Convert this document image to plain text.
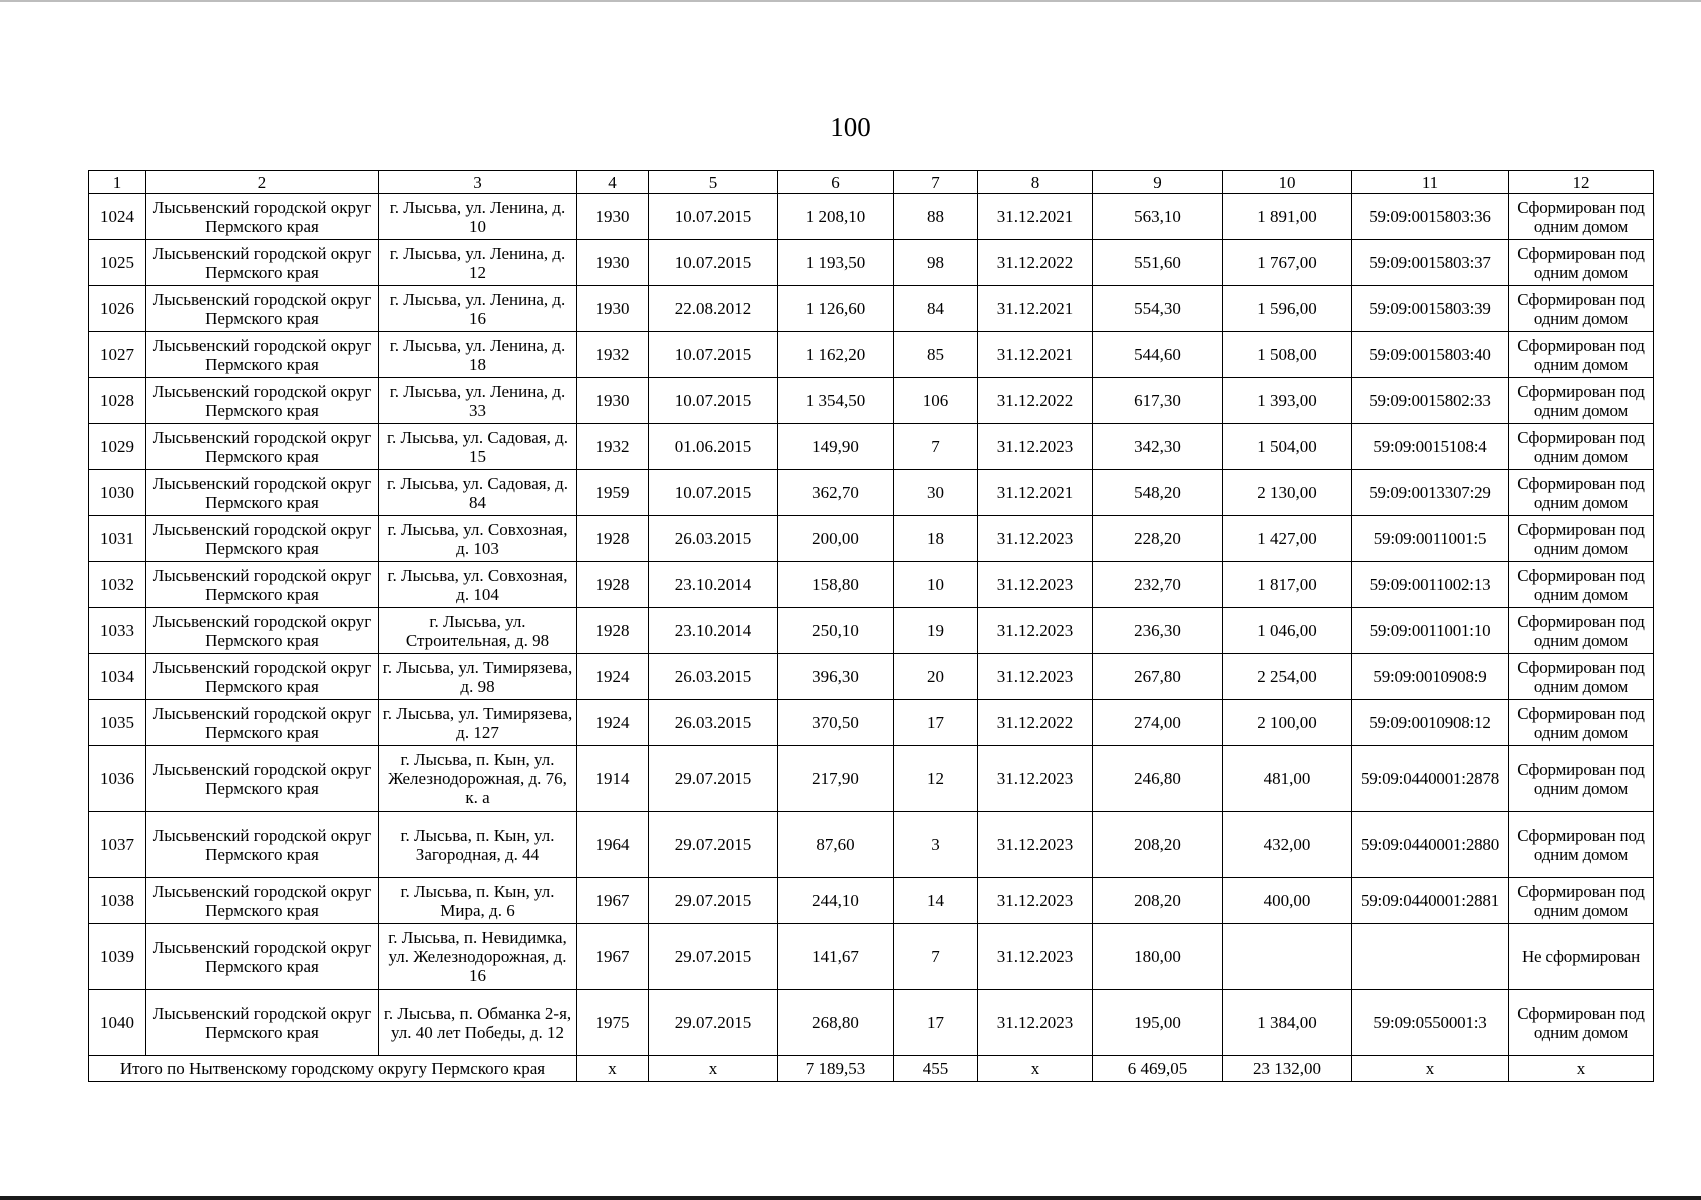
100
1	2	3	4	5	6	7	8	9	10	11	12
1024	Лысьвенский городской округ Пермского края	г. Лысьва, ул. Ленина, д. 10	1930	10.07.2015	1 208,10	88	31.12.2021	563,10	1 891,00	59:09:0015803:36	Сформирован под одним домом
1025	Лысьвенский городской округ Пермского края	г. Лысьва, ул. Ленина, д. 12	1930	10.07.2015	1 193,50	98	31.12.2022	551,60	1 767,00	59:09:0015803:37	Сформирован под одним домом
1026	Лысьвенский городской округ Пермского края	г. Лысьва, ул. Ленина, д. 16	1930	22.08.2012	1 126,60	84	31.12.2021	554,30	1 596,00	59:09:0015803:39	Сформирован под одним домом
1027	Лысьвенский городской округ Пермского края	г. Лысьва, ул. Ленина, д. 18	1932	10.07.2015	1 162,20	85	31.12.2021	544,60	1 508,00	59:09:0015803:40	Сформирован под одним домом
1028	Лысьвенский городской округ Пермского края	г. Лысьва, ул. Ленина, д. 33	1930	10.07.2015	1 354,50	106	31.12.2022	617,30	1 393,00	59:09:0015802:33	Сформирован под одним домом
1029	Лысьвенский городской округ Пермского края	г. Лысьва, ул. Садовая, д. 15	1932	01.06.2015	149,90	7	31.12.2023	342,30	1 504,00	59:09:0015108:4	Сформирован под одним домом
1030	Лысьвенский городской округ Пермского края	г. Лысьва, ул. Садовая, д. 84	1959	10.07.2015	362,70	30	31.12.2021	548,20	2 130,00	59:09:0013307:29	Сформирован под одним домом
1031	Лысьвенский городской округ Пермского края	г. Лысьва, ул. Совхозная, д. 103	1928	26.03.2015	200,00	18	31.12.2023	228,20	1 427,00	59:09:0011001:5	Сформирован под одним домом
1032	Лысьвенский городской округ Пермского края	г. Лысьва, ул. Совхозная, д. 104	1928	23.10.2014	158,80	10	31.12.2023	232,70	1 817,00	59:09:0011002:13	Сформирован под одним домом
1033	Лысьвенский городской округ Пермского края	г. Лысьва, ул. Строительная, д. 98	1928	23.10.2014	250,10	19	31.12.2023	236,30	1 046,00	59:09:0011001:10	Сформирован под одним домом
1034	Лысьвенский городской округ Пермского края	г. Лысьва, ул. Тимирязева, д. 98	1924	26.03.2015	396,30	20	31.12.2023	267,80	2 254,00	59:09:0010908:9	Сформирован под одним домом
1035	Лысьвенский городской округ Пермского края	г. Лысьва, ул. Тимирязева, д. 127	1924	26.03.2015	370,50	17	31.12.2022	274,00	2 100,00	59:09:0010908:12	Сформирован под одним домом
1036	Лысьвенский городской округ Пермского края	г. Лысьва, п. Кын, ул. Железнодорожная, д. 76, к. а	1914	29.07.2015	217,90	12	31.12.2023	246,80	481,00	59:09:0440001:2878	Сформирован под одним домом
1037	Лысьвенский городской округ Пермского края	г. Лысьва, п. Кын, ул. Загородная, д. 44	1964	29.07.2015	87,60	3	31.12.2023	208,20	432,00	59:09:0440001:2880	Сформирован под одним домом
1038	Лысьвенский городской округ Пермского края	г. Лысьва, п. Кын, ул. Мира, д. 6	1967	29.07.2015	244,10	14	31.12.2023	208,20	400,00	59:09:0440001:2881	Сформирован под одним домом
1039	Лысьвенский городской округ Пермского края	г. Лысьва, п. Невидимка, ул. Железнодорожная, д. 16	1967	29.07.2015	141,67	7	31.12.2023	180,00			Не сформирован
1040	Лысьвенский городской округ Пермского края	г. Лысьва, п. Обманка 2-я, ул. 40 лет Победы, д. 12	1975	29.07.2015	268,80	17	31.12.2023	195,00	1 384,00	59:09:0550001:3	Сформирован под одним домом
Итого по Нытвенскому городскому округу Пермского края			х	х	7 189,53	455	х	6 469,05	23 132,00	х	х
